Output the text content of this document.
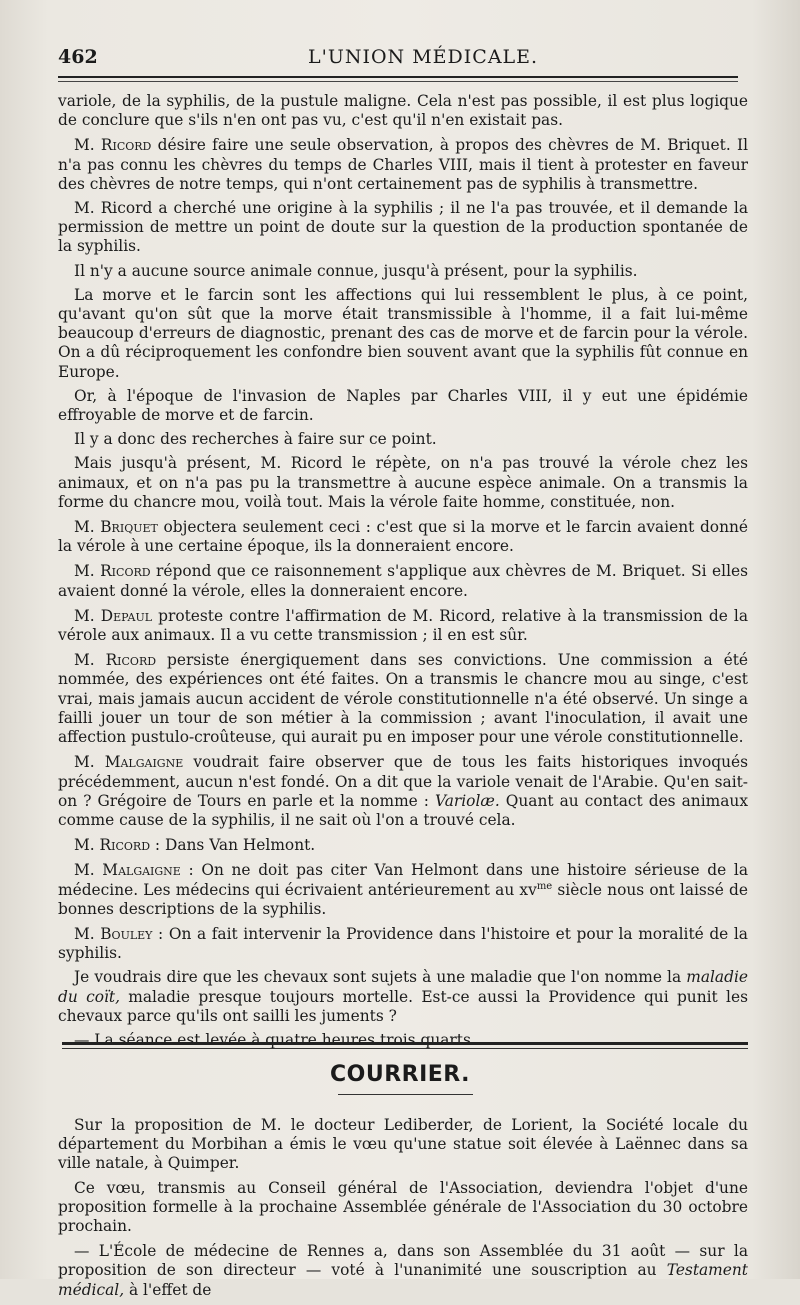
462	L'UNION MÉDICALE.

variole, de la syphilis, de la pustule maligne. Cela n'est pas possible, il est plus logique de conclure que s'ils n'en ont pas vu, c'est qu'il n'en existait pas.

M. Ricord désire faire une seule observation, à propos des chèvres de M. Briquet. Il n'a pas connu les chèvres du temps de Charles VIII, mais il tient à protester en faveur des chèvres de notre temps, qui n'ont certainement pas de syphilis à transmettre.

M. Ricord a cherché une origine à la syphilis ; il ne l'a pas trouvée, et il demande la permission de mettre un point de doute sur la question de la production spontanée de la syphilis.

Il n'y a aucune source animale connue, jusqu'à présent, pour la syphilis.

La morve et le farcin sont les affections qui lui ressemblent le plus, à ce point, qu'avant qu'on sût que la morve était transmissible à l'homme, il a fait lui-même beaucoup d'erreurs de diagnostic, prenant des cas de morve et de farcin pour la vérole. On a dû réciproquement les confondre bien souvent avant que la syphilis fût connue en Europe.

Or, à l'époque de l'invasion de Naples par Charles VIII, il y eut une épidémie effroyable de morve et de farcin.

Il y a donc des recherches à faire sur ce point.

Mais jusqu'à présent, M. Ricord le répète, on n'a pas trouvé la vérole chez les animaux, et on n'a pas pu la transmettre à aucune espèce animale. On a transmis la forme du chancre mou, voilà tout. Mais la vérole faite homme, constituée, non.

M. Briquet objectera seulement ceci : c'est que si la morve et le farcin avaient donné la vérole à une certaine époque, ils la donneraient encore.

M. Ricord répond que ce raisonnement s'applique aux chèvres de M. Briquet. Si elles avaient donné la vérole, elles la donneraient encore.

M. Depaul proteste contre l'affirmation de M. Ricord, relative à la transmission de la vérole aux animaux. Il a vu cette transmission ; il en est sûr.

M. Ricord persiste énergiquement dans ses convictions. Une commission a été nommée, des expériences ont été faites. On a transmis le chancre mou au singe, c'est vrai, mais jamais aucun accident de vérole constitutionnelle n'a été observé. Un singe a failli jouer un tour de son métier à la commission ; avant l'inoculation, il avait une affection pustulo-croûteuse, qui aurait pu en imposer pour une vérole constitutionnelle.

M. Malgaigne voudrait faire observer que de tous les faits historiques invoqués précédemment, aucun n'est fondé. On a dit que la variole venait de l'Arabie. Qu'en sait-on ? Grégoire de Tours en parle et la nomme : Variolæ. Quant au contact des animaux comme cause de la syphilis, il ne sait où l'on a trouvé cela.

M. Ricord : Dans Van Helmont.

M. Malgaigne : On ne doit pas citer Van Helmont dans une histoire sérieuse de la médecine. Les médecins qui écrivaient antérieurement au $xv^{me}$ siècle nous ont laissé de bonnes descriptions de la syphilis.

M. Bouley : On a fait intervenir la Providence dans l'histoire et pour la moralité de la syphilis.

Je voudrais dire que les chevaux sont sujets à une maladie que l'on nomme la maladie du coït, maladie presque toujours mortelle. Est-ce aussi la Providence qui punit les chevaux parce qu'ils ont sailli les juments ?

— La séance est levée à quatre heures trois quarts.

COURRIER.

Sur la proposition de M. le docteur Lediberder, de Lorient, la Société locale du département du Morbihan a émis le vœu qu'une statue soit élevée à Laënnec dans sa ville natale, à Quimper.

Ce vœu, transmis au Conseil général de l'Association, deviendra l'objet d'une proposition formelle à la prochaine Assemblée générale de l'Association du 30 octobre prochain.

— L'École de médecine de Rennes a, dans son Assemblée du 31 août — sur la proposition de son directeur — voté à l'unanimité une souscription au Testament médical, à l'effet de
